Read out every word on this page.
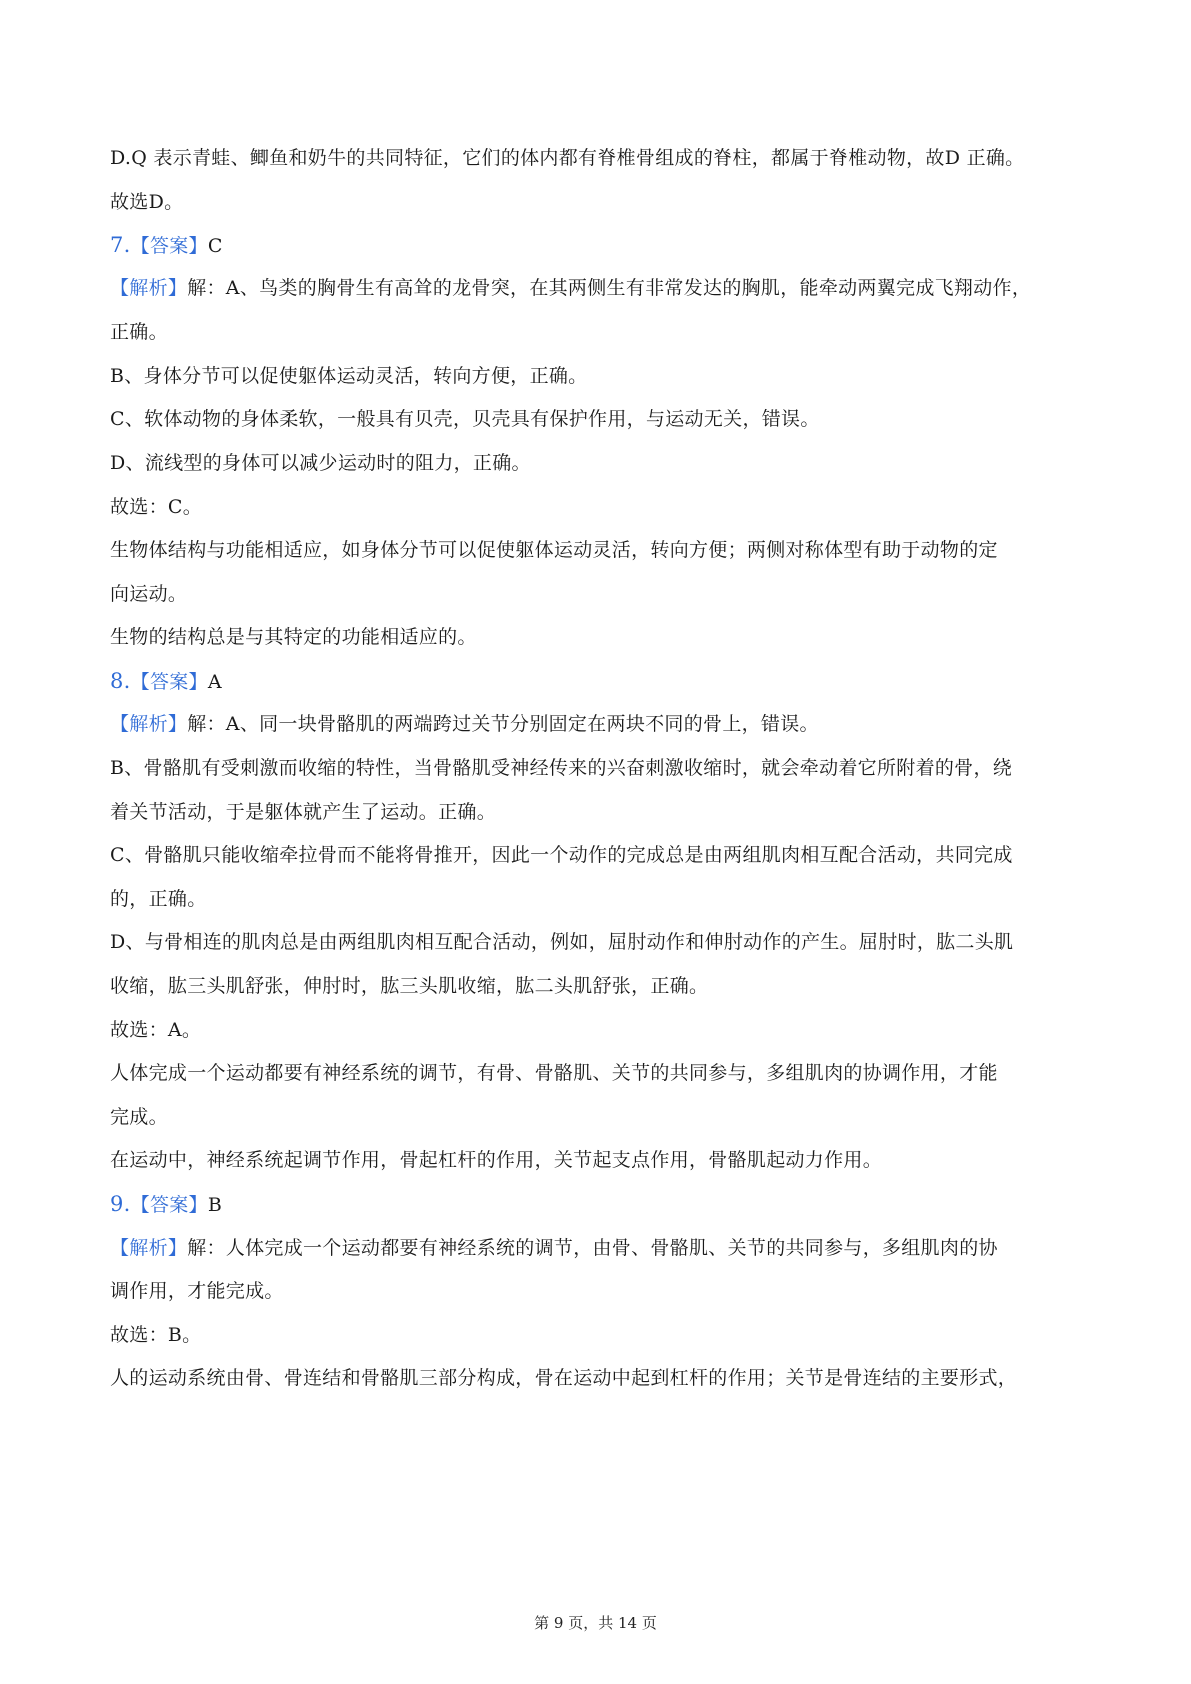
D.Q 表示青蛙、鲫鱼和奶牛的共同特征，它们的体内都有脊椎骨组成的脊柱，都属于脊椎动物，故D 正确。
故选D。
7.【答案】C
【解析】解：A、鸟类的胸骨生有高耸的龙骨突，在其两侧生有非常发达的胸肌，能牵动两翼完成飞翔动作，
正确。
B、身体分节可以促使躯体运动灵活，转向方便，正确。
C、软体动物的身体柔软，一般具有贝壳，贝壳具有保护作用，与运动无关，错误。
D、流线型的身体可以减少运动时的阻力，正确。
故选：C。
生物体结构与功能相适应，如身体分节可以促使躯体运动灵活，转向方便；两侧对称体型有助于动物的定
向运动。
生物的结构总是与其特定的功能相适应的。
8.【答案】A
【解析】解：A、同一块骨骼肌的两端跨过关节分别固定在两块不同的骨上，错误。
B、骨骼肌有受刺激而收缩的特性，当骨骼肌受神经传来的兴奋刺激收缩时，就会牵动着它所附着的骨，绕
着关节活动，于是躯体就产生了运动。正确。
C、骨骼肌只能收缩牵拉骨而不能将骨推开，因此一个动作的完成总是由两组肌肉相互配合活动，共同完成
的，正确。
D、与骨相连的肌肉总是由两组肌肉相互配合活动，例如，屈肘动作和伸肘动作的产生。屈肘时，肱二头肌
收缩，肱三头肌舒张，伸肘时，肱三头肌收缩，肱二头肌舒张，正确。
故选：A。
人体完成一个运动都要有神经系统的调节，有骨、骨骼肌、关节的共同参与，多组肌肉的协调作用，才能
完成。
在运动中，神经系统起调节作用，骨起杠杆的作用，关节起支点作用，骨骼肌起动力作用。
9.【答案】B
【解析】解：人体完成一个运动都要有神经系统的调节，由骨、骨骼肌、关节的共同参与，多组肌肉的协
调作用，才能完成。
故选：B。
人的运动系统由骨、骨连结和骨骼肌三部分构成，骨在运动中起到杠杆的作用；关节是骨连结的主要形式，
第 9 页，共 14 页
